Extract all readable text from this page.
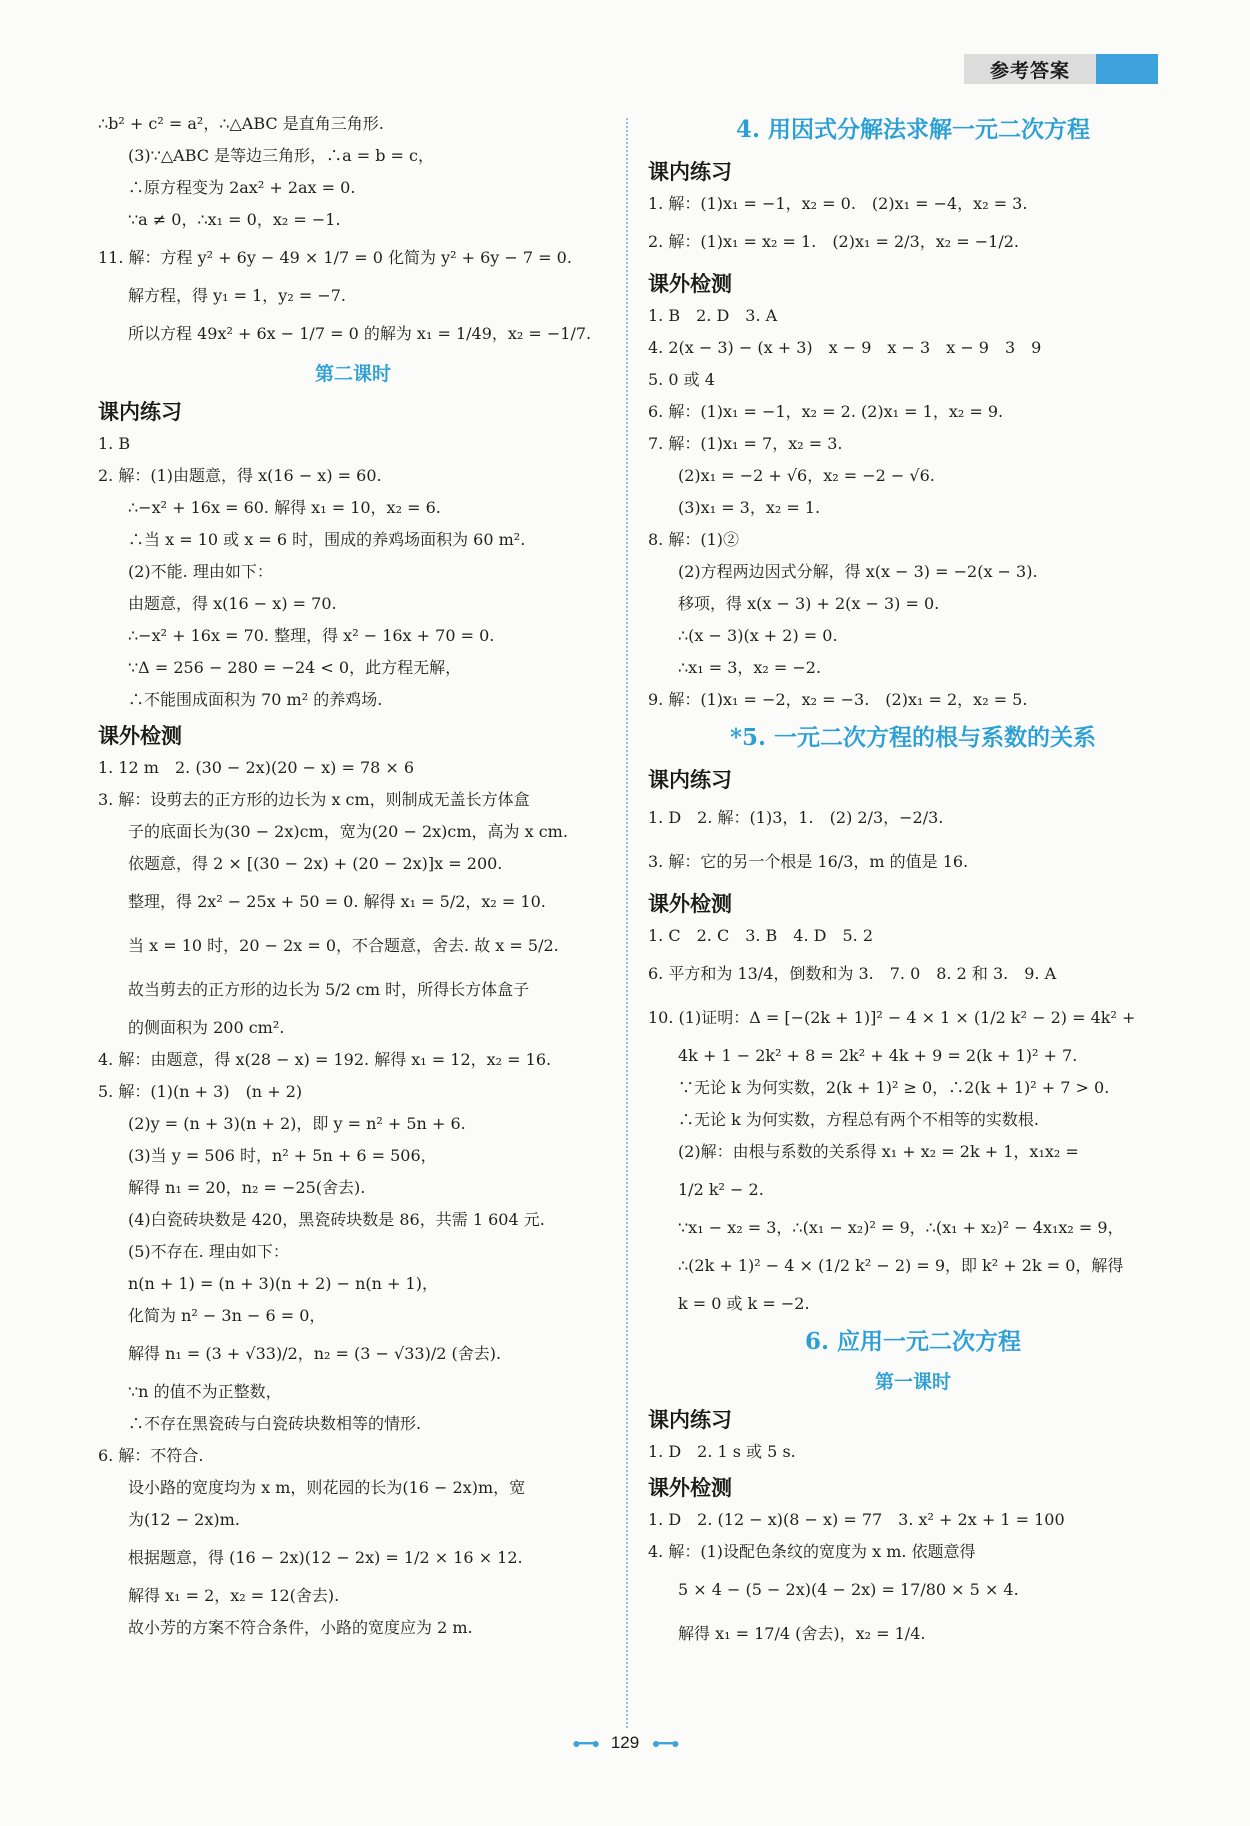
参考答案

∴b² + c² = a²，∴△ABC 是直角三角形.

(3)∵△ABC 是等边三角形，∴a = b = c，

∴原方程变为 2ax² + 2ax = 0.

∵a ≠ 0，∴x₁ = 0，x₂ = −1.

11. 解：方程 y² + 6y − 49 × 1/7 = 0 化简为 y² + 6y − 7 = 0.

解方程，得 y₁ = 1，y₂ = −7.

所以方程 49x² + 6x − 1/7 = 0 的解为 x₁ = 1/49，x₂ = −1/7.

第二课时
课内练习

1. B

2. 解：(1)由题意，得 x(16 − x) = 60.

∴−x² + 16x = 60. 解得 x₁ = 10，x₂ = 6.

∴当 x = 10 或 x = 6 时，围成的养鸡场面积为 60 m².

(2)不能. 理由如下：

由题意，得 x(16 − x) = 70.

∴−x² + 16x = 70. 整理，得 x² − 16x + 70 = 0.

∵Δ = 256 − 280 = −24 < 0，此方程无解，

∴不能围成面积为 70 m² 的养鸡场.

课外检测

1. 12 m　2. (30 − 2x)(20 − x) = 78 × 6

3. 解：设剪去的正方形的边长为 x cm，则制成无盖长方体盒

子的底面长为(30 − 2x)cm，宽为(20 − 2x)cm，高为 x cm.

依题意，得 2 × [(30 − 2x) + (20 − 2x)]x = 200.

整理，得 2x² − 25x + 50 = 0. 解得 x₁ = 5/2，x₂ = 10.

当 x = 10 时，20 − 2x = 0，不合题意，舍去. 故 x = 5/2.

故当剪去的正方形的边长为 5/2 cm 时，所得长方体盒子

的侧面积为 200 cm².

4. 解：由题意，得 x(28 − x) = 192. 解得 x₁ = 12，x₂ = 16.

5. 解：(1)(n + 3)　(n + 2)

(2)y = (n + 3)(n + 2)，即 y = n² + 5n + 6.

(3)当 y = 506 时，n² + 5n + 6 = 506，

解得 n₁ = 20，n₂ = −25(舍去).

(4)白瓷砖块数是 420，黑瓷砖块数是 86，共需 1 604 元.

(5)不存在. 理由如下：

n(n + 1) = (n + 3)(n + 2) − n(n + 1)，

化简为 n² − 3n − 6 = 0，

解得 n₁ = (3 + √33)/2，n₂ = (3 − √33)/2 (舍去).

∵n 的值不为正整数，

∴不存在黑瓷砖与白瓷砖块数相等的情形.

6. 解：不符合.

设小路的宽度均为 x m，则花园的长为(16 − 2x)m，宽

为(12 − 2x)m.

根据题意，得 (16 − 2x)(12 − 2x) = 1/2 × 16 × 12.

解得 x₁ = 2，x₂ = 12(舍去).

故小芳的方案不符合条件，小路的宽度应为 2 m.

4. 用因式分解法求解一元二次方程
课内练习

1. 解：(1)x₁ = −1，x₂ = 0.　(2)x₁ = −4，x₂ = 3.

2. 解：(1)x₁ = x₂ = 1.　(2)x₁ = 2/3，x₂ = −1/2.

课外检测

1. B　2. D　3. A

4. 2(x − 3) − (x + 3)　x − 9　x − 3　x − 9　3　9

5. 0 或 4

6. 解：(1)x₁ = −1，x₂ = 2. (2)x₁ = 1，x₂ = 9.

7. 解：(1)x₁ = 7，x₂ = 3.

(2)x₁ = −2 + √6，x₂ = −2 − √6.

(3)x₁ = 3，x₂ = 1.

8. 解：(1)②

(2)方程两边因式分解，得 x(x − 3) = −2(x − 3).

移项，得 x(x − 3) + 2(x − 3) = 0.

∴(x − 3)(x + 2) = 0.

∴x₁ = 3，x₂ = −2.

9. 解：(1)x₁ = −2，x₂ = −3.　(2)x₁ = 2，x₂ = 5.

*5. 一元二次方程的根与系数的关系
课内练习

1. D　2. 解：(1)3，1.　(2) 2/3，−2/3.

3. 解：它的另一个根是 16/3，m 的值是 16.

课外检测

1. C　2. C　3. B　4. D　5. 2

6. 平方和为 13/4，倒数和为 3.　7. 0　8. 2 和 3.　9. A

10. (1)证明：Δ = [−(2k + 1)]² − 4 × 1 × (1/2 k² − 2) = 4k² +

4k + 1 − 2k² + 8 = 2k² + 4k + 9 = 2(k + 1)² + 7.

∵无论 k 为何实数，2(k + 1)² ≥ 0，∴2(k + 1)² + 7 > 0.

∴无论 k 为何实数，方程总有两个不相等的实数根.

(2)解：由根与系数的关系得 x₁ + x₂ = 2k + 1，x₁x₂ =

1/2 k² − 2.

∵x₁ − x₂ = 3，∴(x₁ − x₂)² = 9，∴(x₁ + x₂)² − 4x₁x₂ = 9，

∴(2k + 1)² − 4 × (1/2 k² − 2) = 9，即 k² + 2k = 0，解得

k = 0 或 k = −2.

6. 应用一元二次方程
第一课时
课内练习

1. D　2. 1 s 或 5 s.

课外检测

1. D　2. (12 − x)(8 − x) = 77　3. x² + 2x + 1 = 100

4. 解：(1)设配色条纹的宽度为 x m. 依题意得

5 × 4 − (5 − 2x)(4 − 2x) = 17/80 × 5 × 4.

解得 x₁ = 17/4 (舍去)，x₂ = 1/4.

●━━● 129 ●━━●
